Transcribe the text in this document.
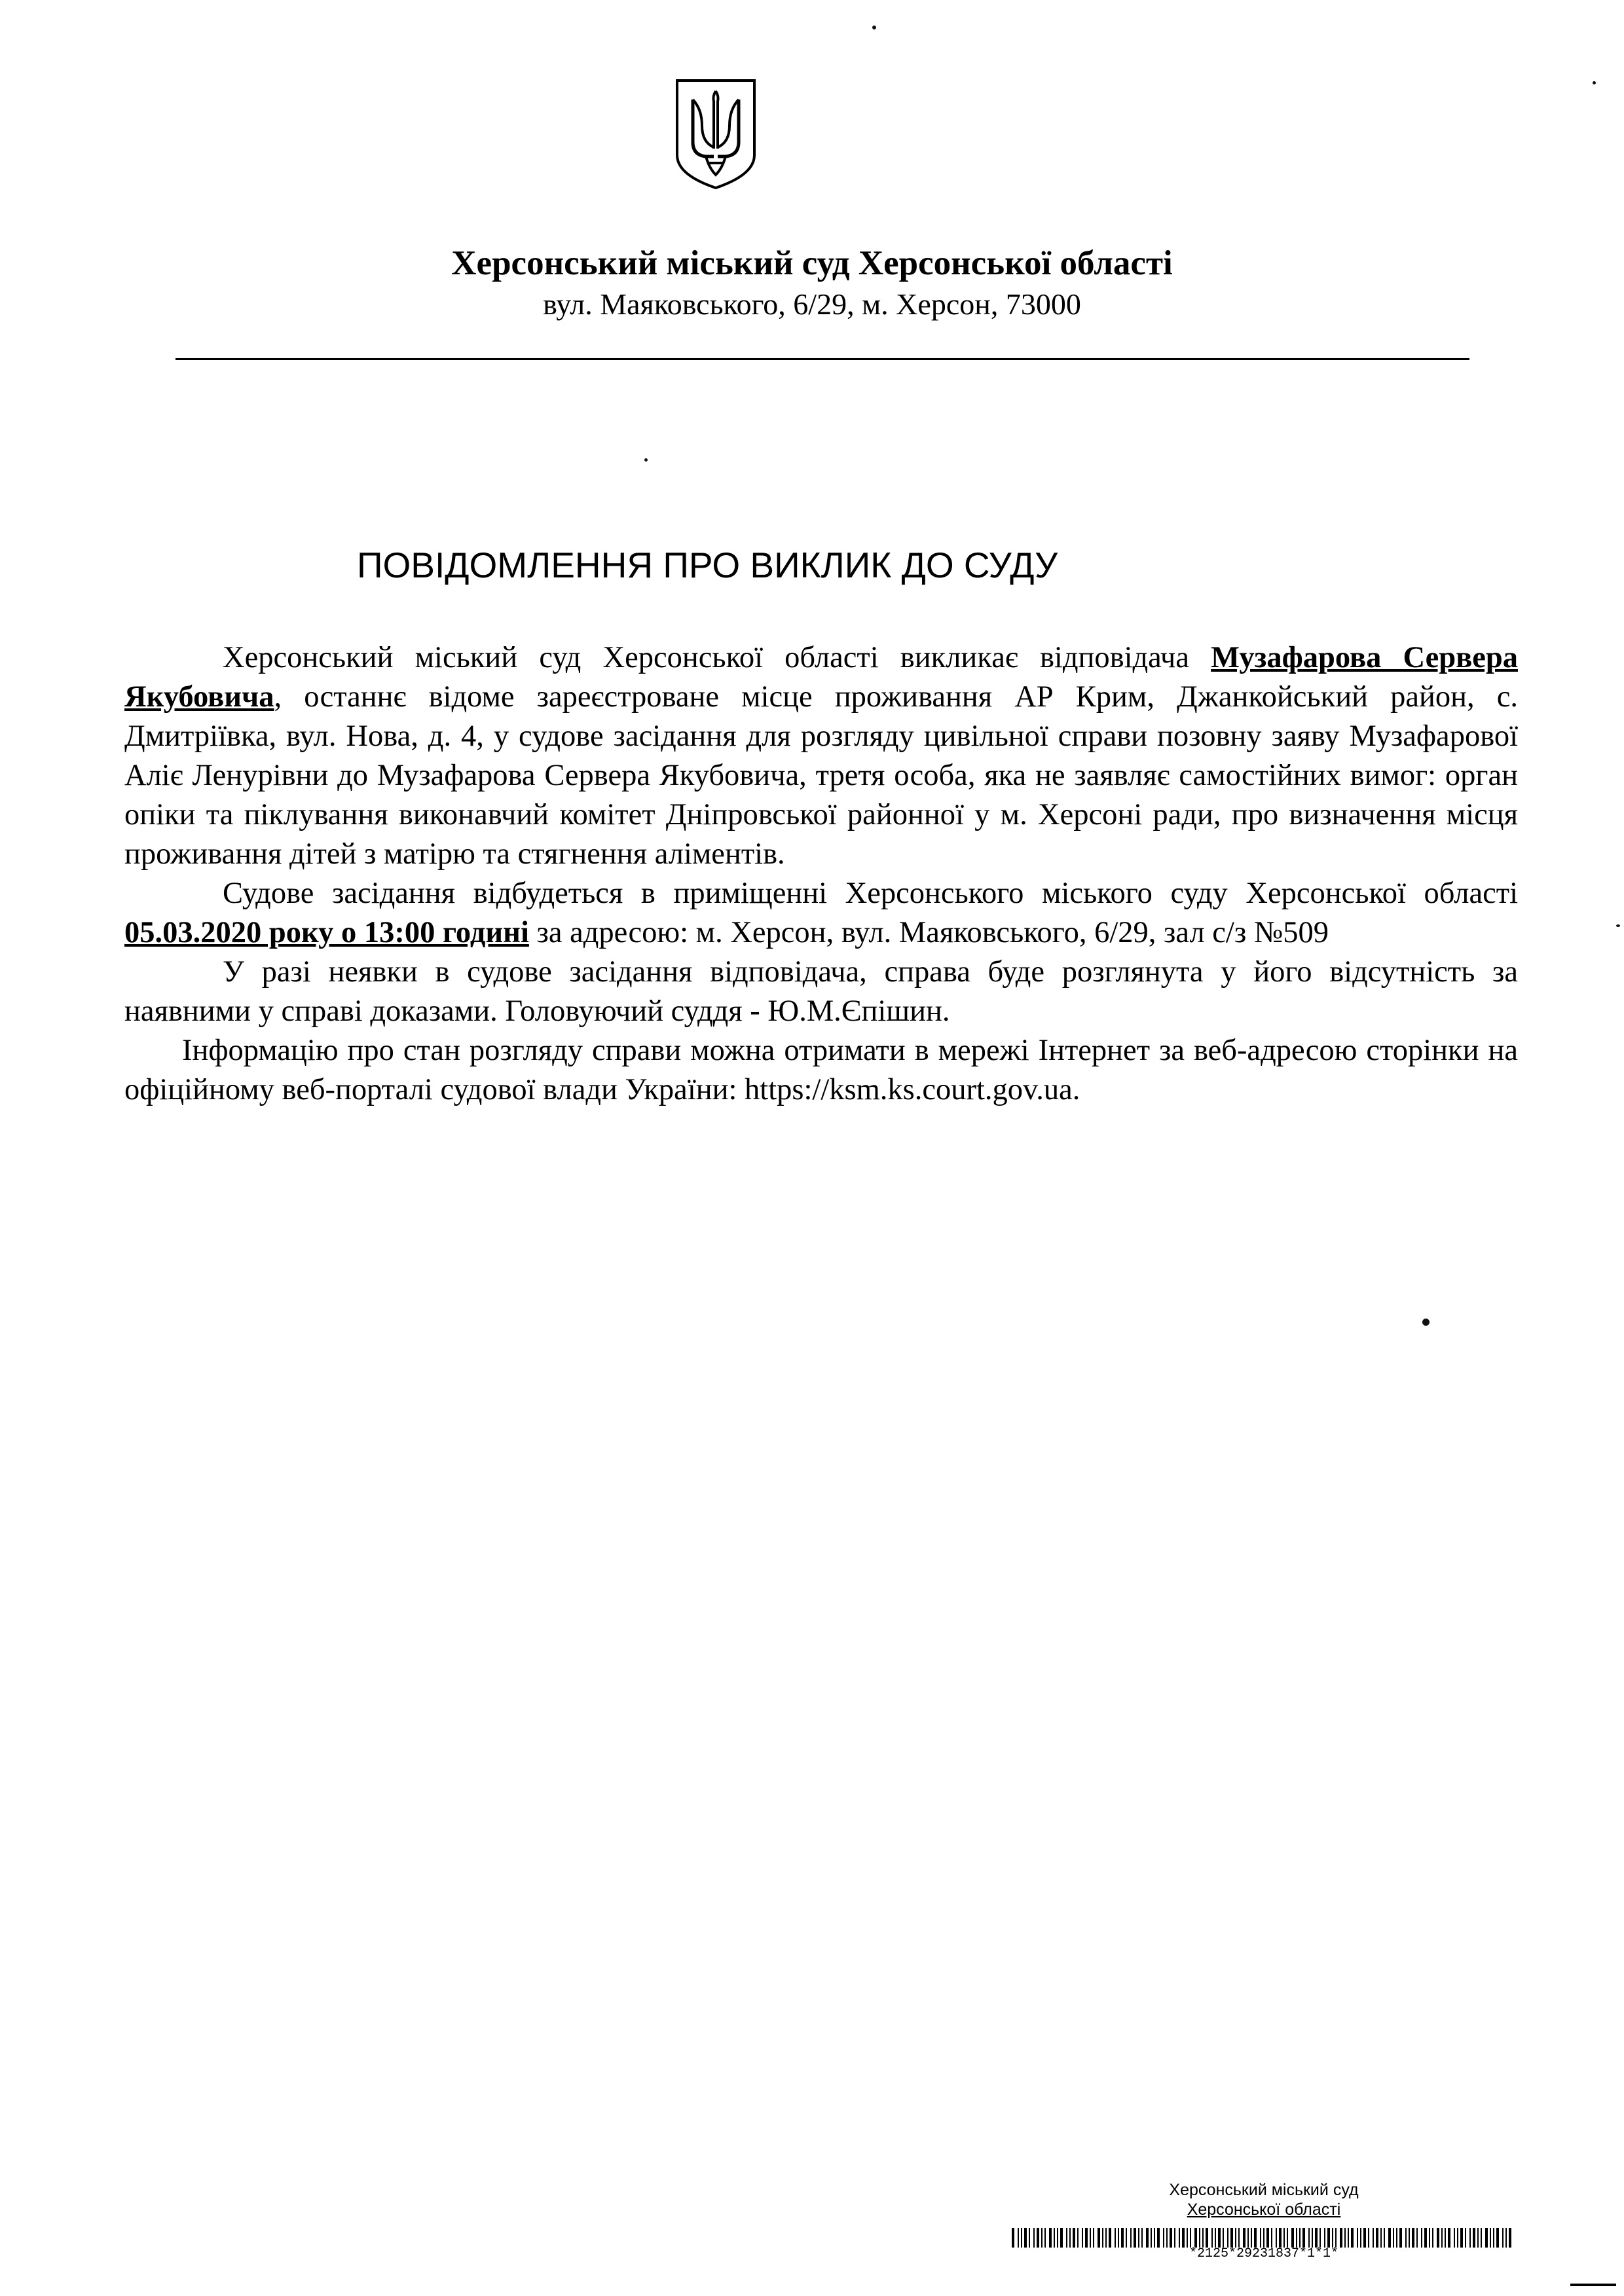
Херсонський міський суд Херсонської області
вул. Маяковського, 6/29, м. Херсон, 73000
ПОВІДОМЛЕННЯ ПРО ВИКЛИК ДО СУДУ

Херсонський міський суд Херсонської області викликає відповідача Музафарова Сервера Якубовича, останнє відоме зареєстроване місце проживання АР Крим, Джанкойський район, с. Дмитріївка, вул. Нова, д. 4, у судове засідання для розгляду цивільної справи позовну заяву Музафарової Аліє Ленурівни до Музафарова Сервера Якубовича, третя особа, яка не заявляє самостійних вимог: орган опіки та піклування виконавчий комітет Дніпровської районної у м. Херсоні ради, про визначення місця проживання дітей з матірю та стягнення аліментів.

Судове засідання відбудеться в приміщенні Херсонського міського суду Херсонської області 05.03.2020 року о 13:00 годині за адресою: м. Херсон, вул. Маяковського, 6/29, зал с/з №509

У разі неявки в судове засідання відповідача, справа буде розглянута у його відсутність за наявними у справі доказами. Головуючий суддя - Ю.М.Єпішин.

Інформацію про стан розгляду справи можна отримати в мережі Інтернет за веб-адресою сторінки на офіційному веб-порталі судової влади України: https://ksm.ks.court.gov.ua.

Херсонський міський суд
Херсонської області
*2125*29231837*1*1*
